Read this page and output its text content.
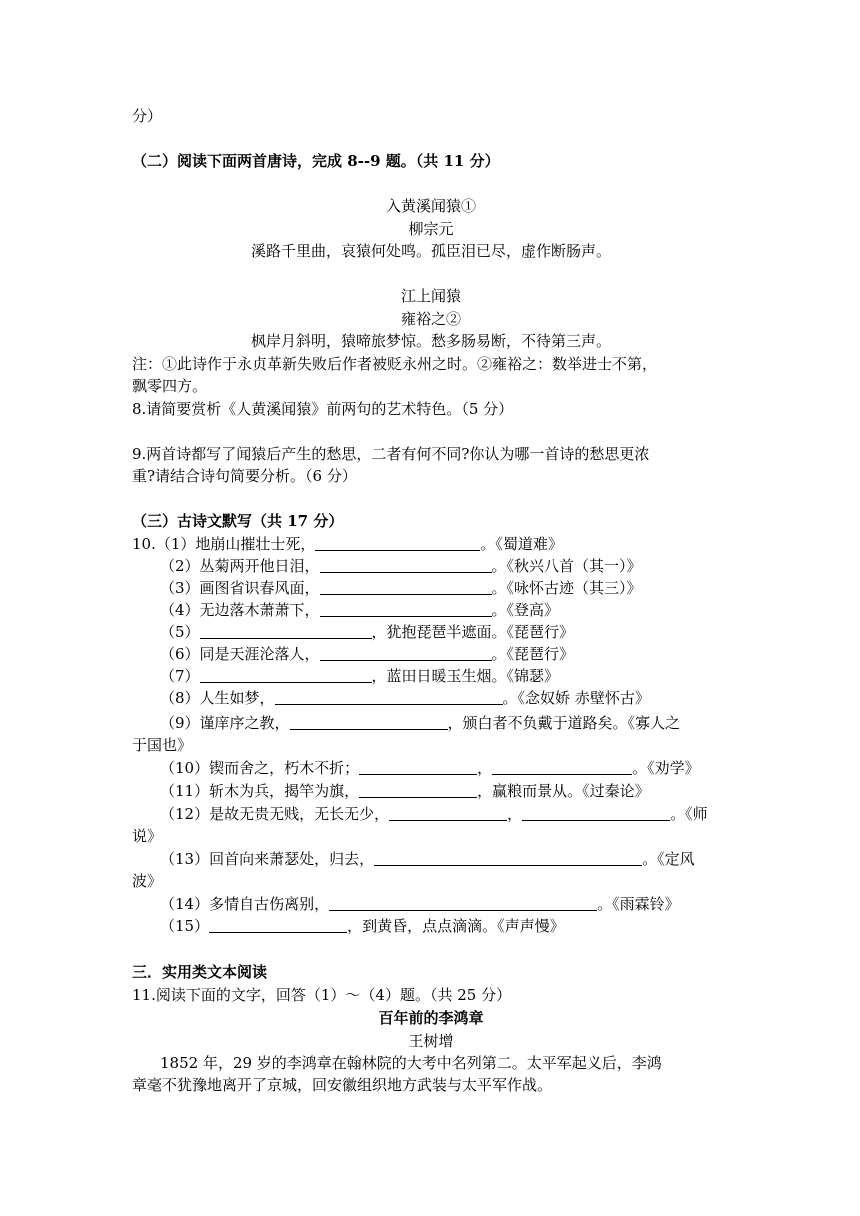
分）
（二）阅读下面两首唐诗，完成 8--9 题。（共 11 分）
入黄溪闻猿①
柳宗元
溪路千里曲，哀猿何处鸣。孤臣泪已尽，虚作断肠声。
江上闻猿
雍裕之②
枫岸月斜明，猿啼旅梦惊。愁多肠易断，不待第三声。
注：①此诗作于永贞革新失败后作者被贬永州之时。②雍裕之：数举进士不第，
飘零四方。
8.请简要赏析《人黄溪闻猿》前两句的艺术特色。（5 分）
9.两首诗都写了闻猿后产生的愁思，二者有何不同?你认为哪一首诗的愁思更浓
重?请结合诗句简要分析。（6 分）
（三）古诗文默写（共 17 分）
10.（1）地崩山摧壮士死，	。《蜀道难》
（2）丛菊两开他日泪，	。《秋兴八首（其一）》
（3）画图省识春风面，	。《咏怀古迹（其三）》
（4）无边落木萧萧下，	。《登高》
（5）	，犹抱琵琶半遮面。《琵琶行》
（6）同是天涯沦落人，	。《琵琶行》
（7）	，蓝田日暖玉生烟。《锦瑟》
（8）人生如梦，	。《念奴娇 赤壁怀古》
（9）谨庠序之教，	，颁白者不负戴于道路矣。《寡人之
于国也》
（10）锲而舍之，朽木不折；	，	。《劝学》
（11）斩木为兵，揭竿为旗，	，赢粮而景从。《过秦论》
（12）是故无贵无贱，无长无少，	，	。《师
说》
（13）回首向来萧瑟处，归去，	。《定风
波》
（14）多情自古伤离别，	。《雨霖铃》
（15）	，到黄昏，点点滴滴。《声声慢》
三．实用类文本阅读
11.阅读下面的文字，回答（1）～（4）题。（共 25 分）
百年前的李鸿章
王树增
1852 年，29 岁的李鸿章在翰林院的大考中名列第二。太平军起义后，李鸿
章毫不犹豫地离开了京城，回安徽组织地方武装与太平军作战。
